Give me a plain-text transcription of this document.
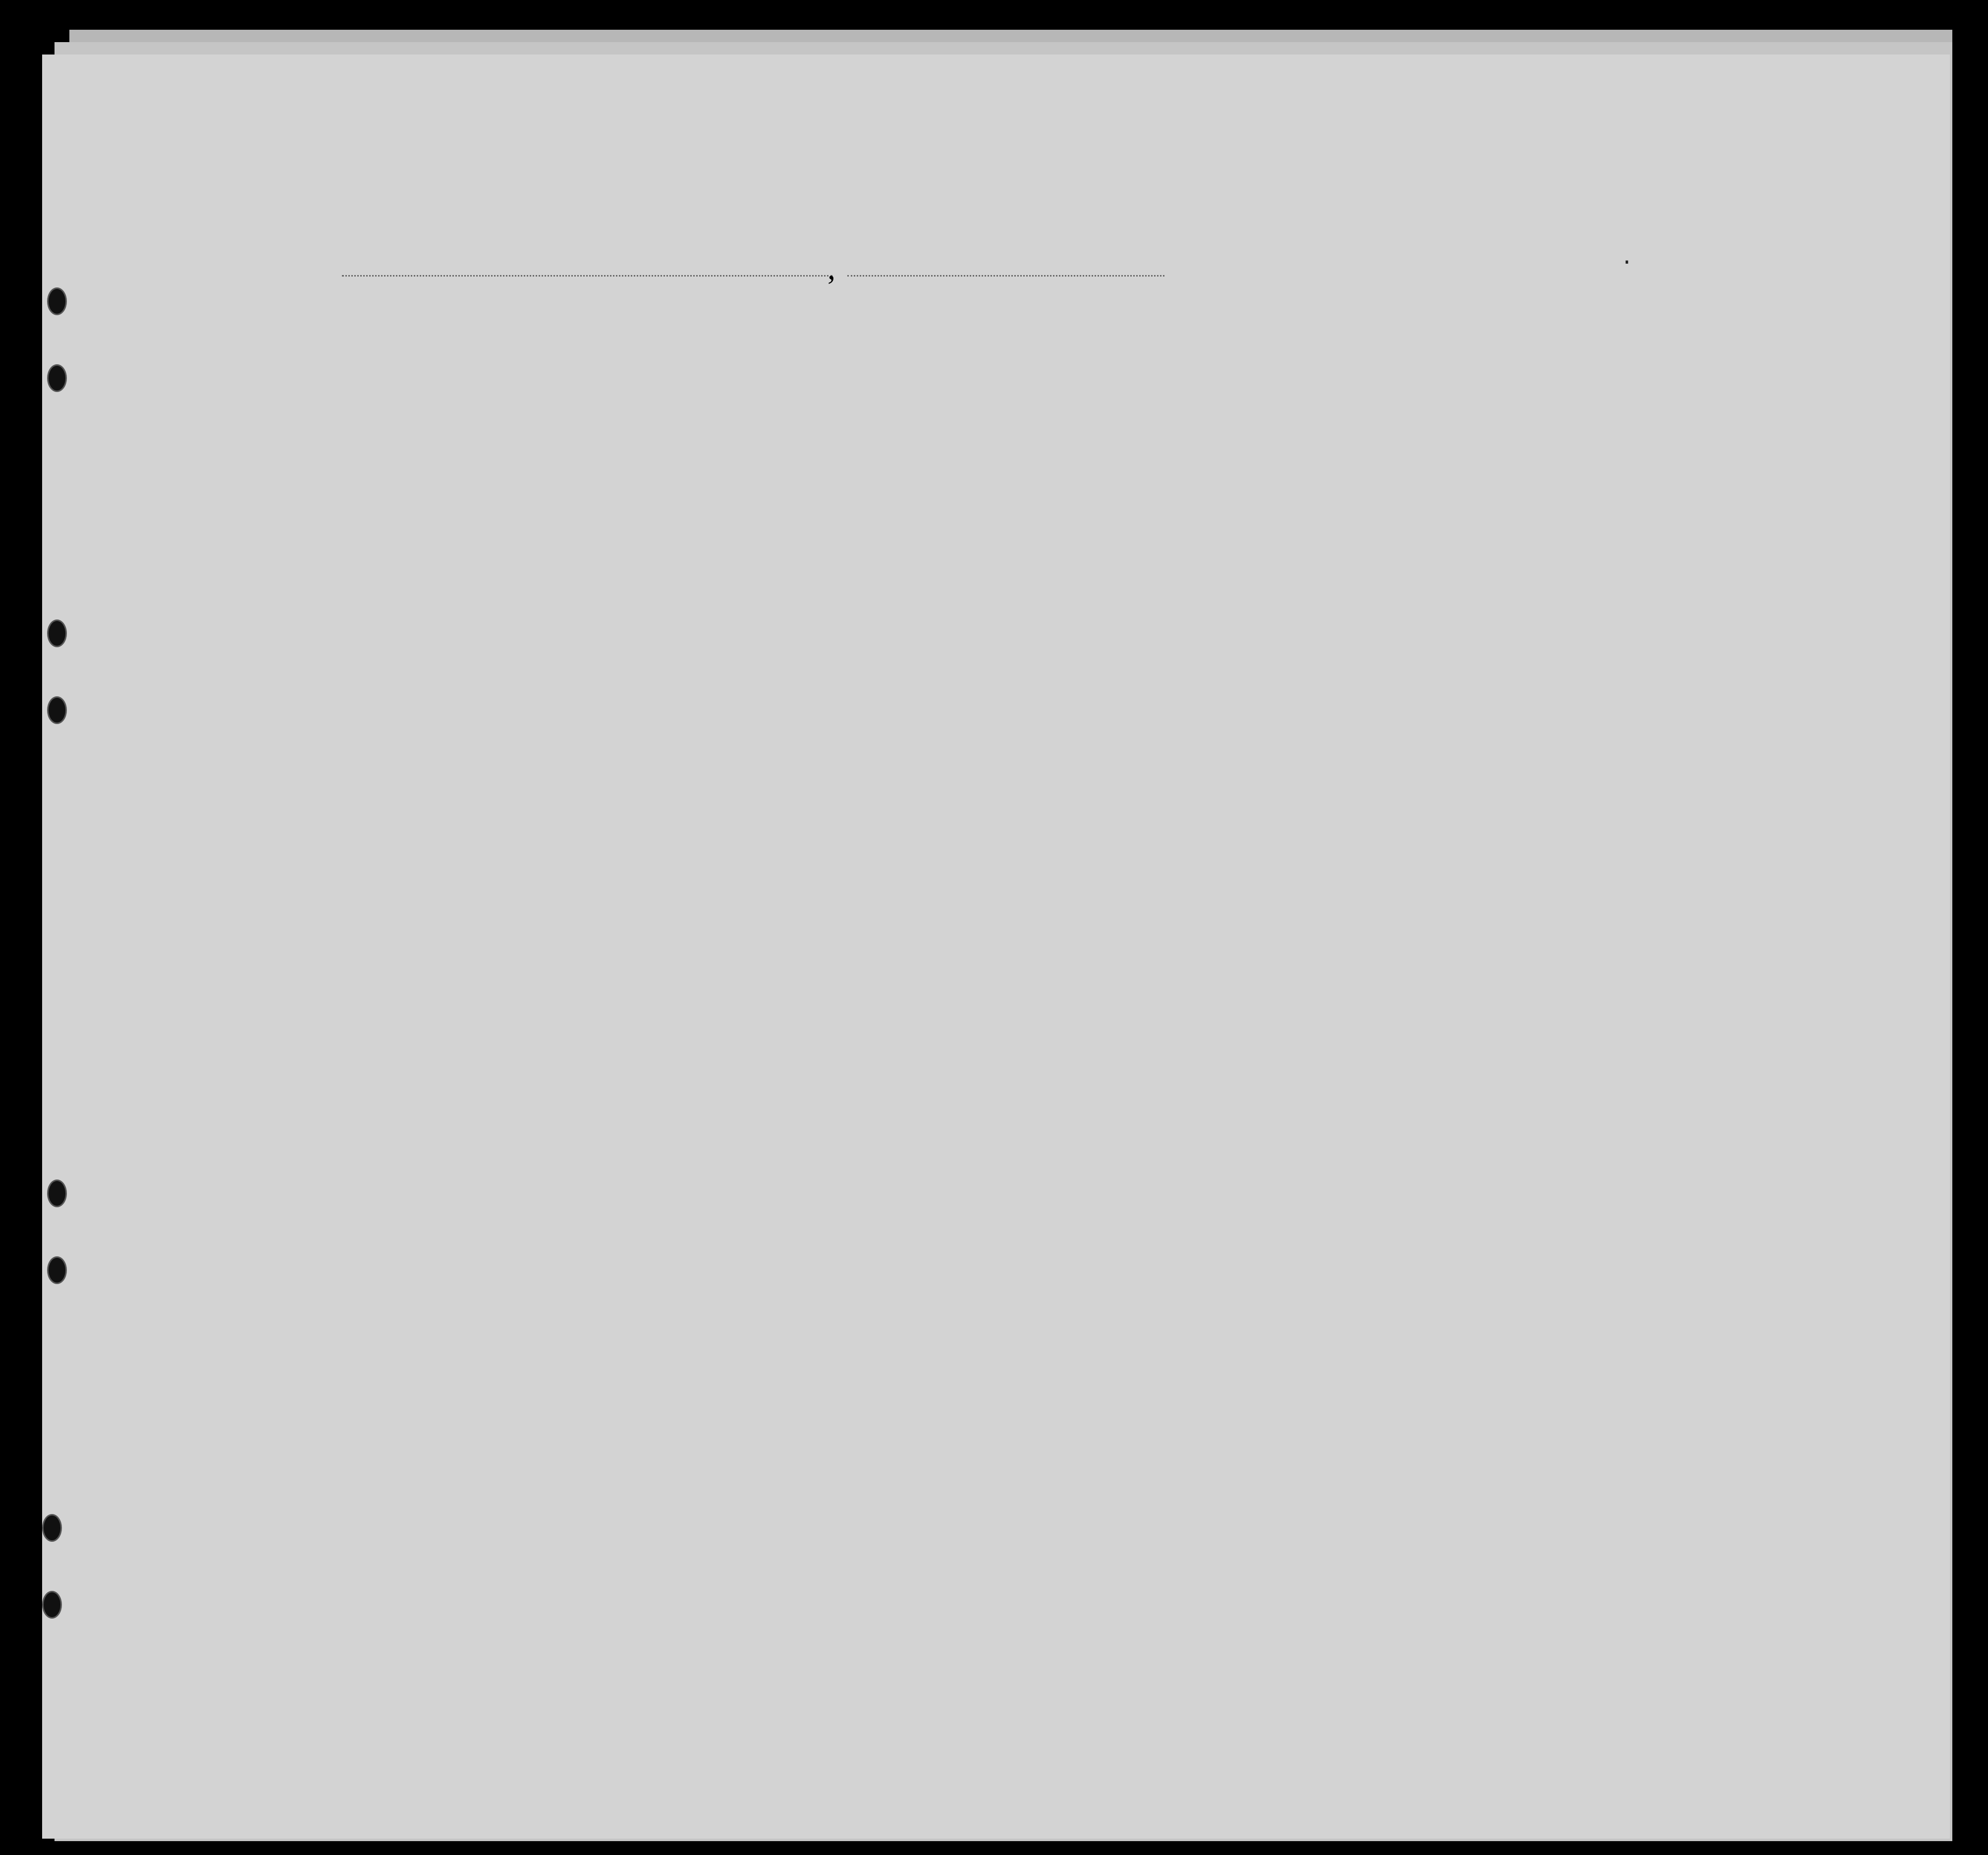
,	·
